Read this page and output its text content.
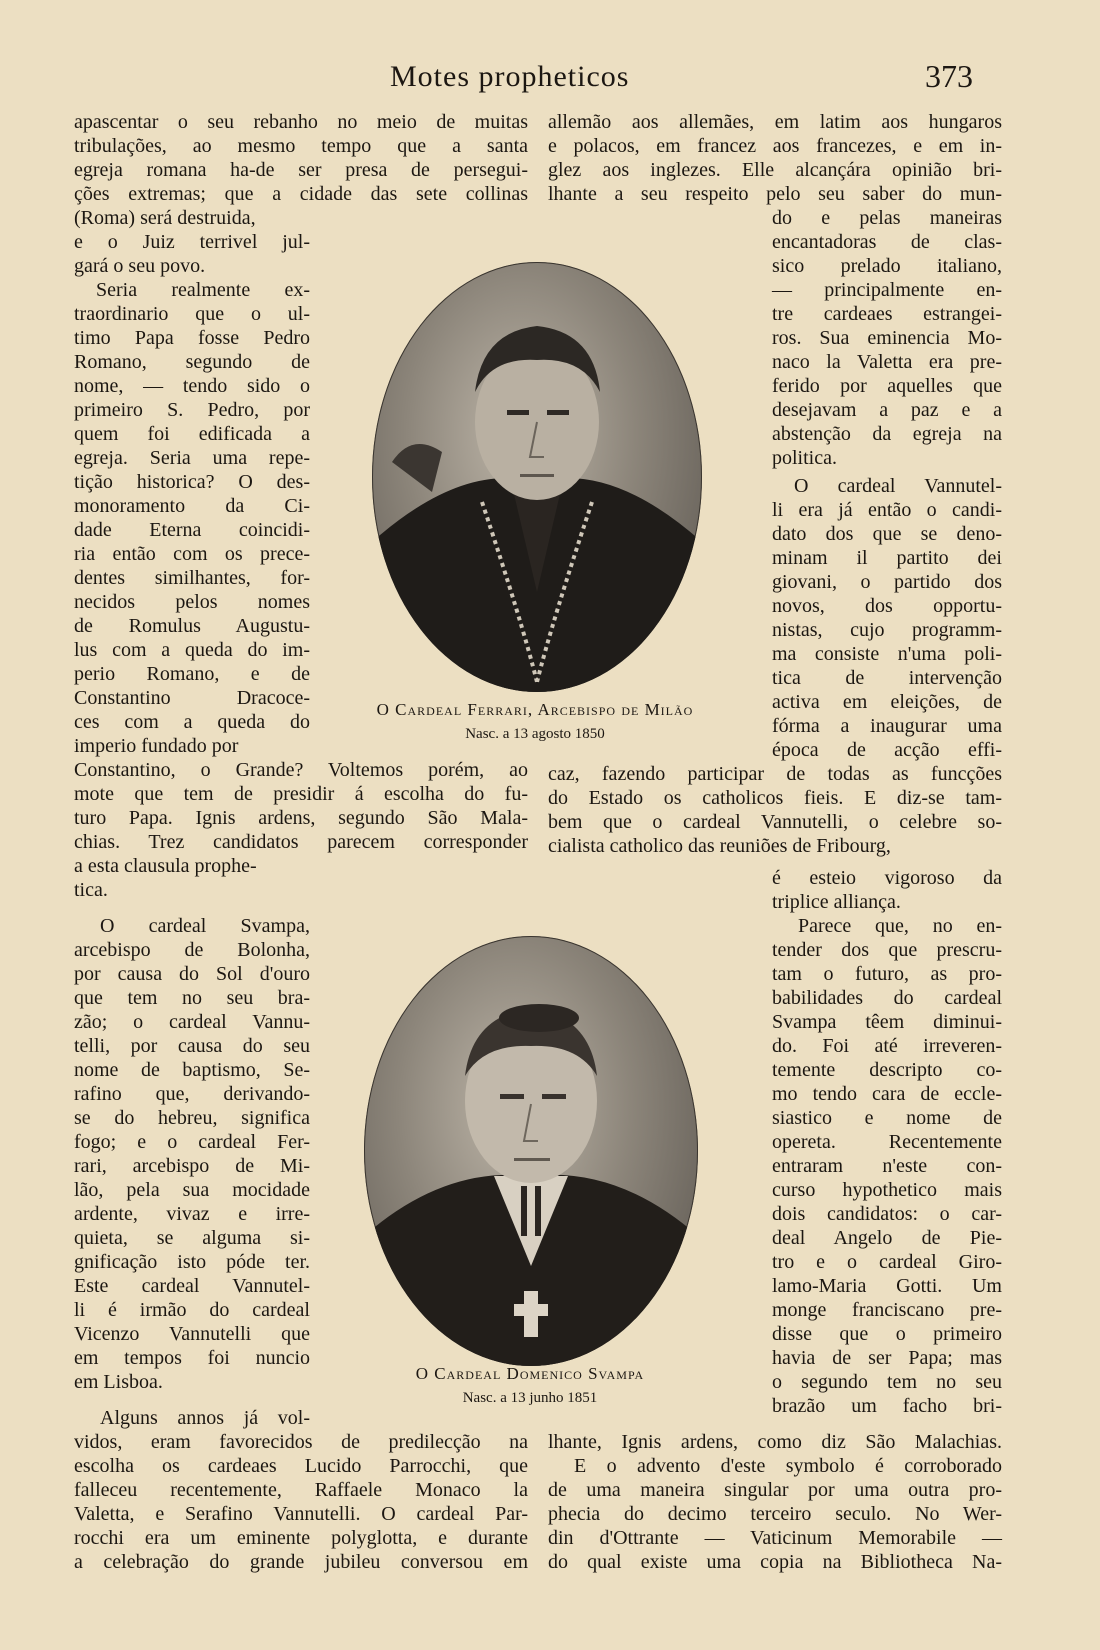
Motes propheticos	373
apascentar o seu rebanho no meio de muitas
tribulações, ao mesmo tempo que a santa
egreja romana ha-de ser presa de persegui-
ções extremas; que a cidade das sete collinas
(Roma) será destruida,
e o Juiz terrivel jul-
gará o seu povo.
Seria realmente ex-
traordinario que o ul-
timo Papa fosse Pedro
Romano, segundo de
nome, — tendo sido o
primeiro S. Pedro, por
quem foi edificada a
egreja. Seria uma repe-
tição historica? O des-
monoramento da Ci-
dade Eterna coincidi-
ria então com os prece-
dentes similhantes, for-
necidos pelos nomes
de Romulus Augustu-
lus com a queda do im-
perio Romano, e de
Constantino Dracoce-
ces com a queda do
imperio fundado por
allemão aos allemães, em latim aos hungaros
e polacos, em francez aos francezes, e em in-
glez aos inglezes. Elle alcançára opinião bri-
lhante a seu respeito pelo seu saber do mun-
do e pelas maneiras
encantadoras de clas-
sico prelado italiano,
— principalmente en-
tre cardeaes estrangei-
ros. Sua eminencia Mo-
naco la Valetta era pre-
ferido por aquelles que
desejavam a paz e a
abstenção da egreja na
politica.
O cardeal Vannutel-
li era já então o candi-
dato dos que se deno-
minam il partito dei
giovani, o partido dos
novos, dos opportu-
nistas, cujo programm-
ma consiste n'uma poli-
tica de intervenção
activa em eleições, de
fórma a inaugurar uma
época de acção effi-
O Cardeal Ferrari, Arcebispo de Milão
Nasc. a 13 agosto 1850
Constantino, o Grande? Voltemos porém, ao
mote que tem de presidir á escolha do fu-
turo Papa. Ignis ardens, segundo São Mala-
chias. Trez candidatos parecem corresponder
a esta clausula prophe-
tica.
O cardeal Svampa,
arcebispo de Bolonha,
por causa do Sol d'ouro
que tem no seu bra-
zão; o cardeal Vannu-
telli, por causa do seu
nome de baptismo, Se-
rafino que, derivando-
se do hebreu, significa
fogo; e o cardeal Fer-
rari, arcebispo de Mi-
lão, pela sua mocidade
ardente, vivaz e irre-
quieta, se alguma si-
gnificação isto póde ter.
Este cardeal Vannutel-
li é irmão do cardeal
Vicenzo Vannutelli que
em tempos foi nuncio
em Lisboa.
Alguns annos já vol-
caz, fazendo participar de todas as funcções
do Estado os catholicos fieis. E diz-se tam-
bem que o cardeal Vannutelli, o celebre so-
cialista catholico das reuniões de Fribourg,
é esteio vigoroso da
triplice alliança.
Parece que, no en-
tender dos que prescru-
tam o futuro, as pro-
babilidades do cardeal
Svampa têem diminui-
do. Foi até irreveren-
temente descripto co-
mo tendo cara de eccle-
siastico e nome de
opereta. Recentemente
entraram n'este con-
curso hypothetico mais
dois candidatos: o car-
deal Angelo de Pie-
tro e o cardeal Giro-
lamo-Maria Gotti. Um
monge franciscano pre-
disse que o primeiro
havia de ser Papa; mas
o segundo tem no seu
brazão um facho bri-
O Cardeal Domenico Svampa
Nasc. a 13 junho 1851
vidos, eram favorecidos de predilecção na
escolha os cardeaes Lucido Parrocchi, que
falleceu recentemente, Raffaele Monaco la
Valetta, e Serafino Vannutelli. O cardeal Par-
rocchi era um eminente polyglotta, e durante
a celebração do grande jubileu conversou em
lhante, Ignis ardens, como diz São Malachias.
E o advento d'este symbolo é corroborado
de uma maneira singular por uma outra pro-
phecia do decimo terceiro seculo. No Wer-
din d'Ottrante — Vaticinum Memorabile —
do qual existe uma copia na Bibliotheca Na-
